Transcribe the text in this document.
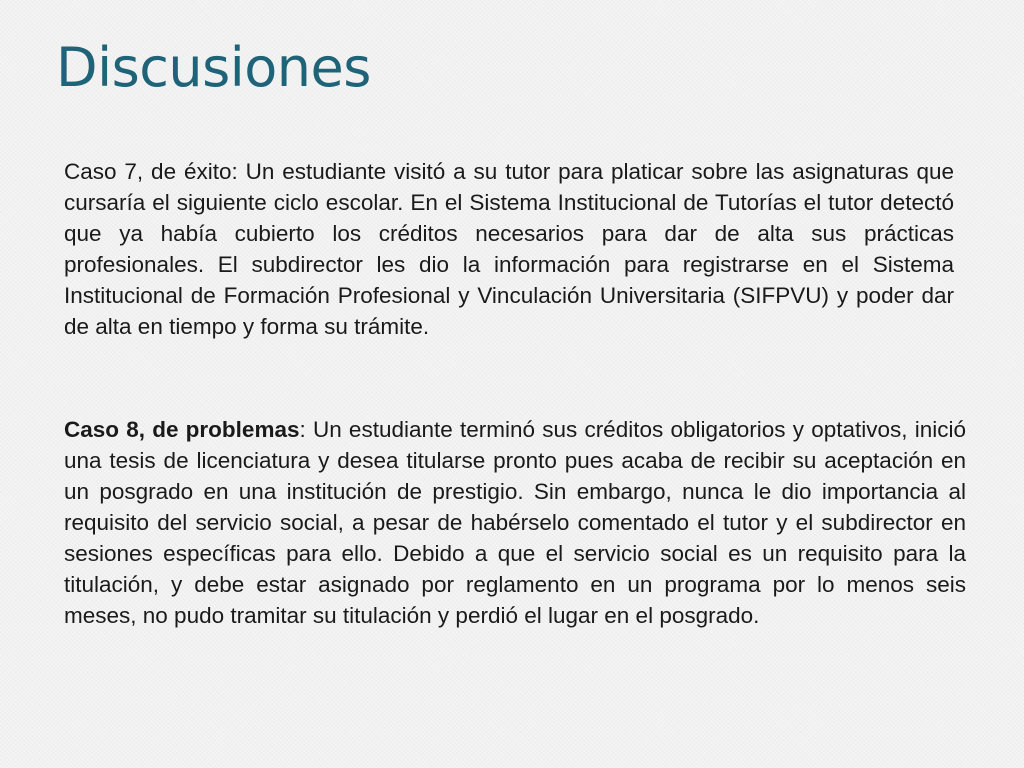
Discusiones

Caso 7, de éxito: Un estudiante visitó a su tutor para platicar sobre las asignaturas que cursaría el siguiente ciclo escolar. En el Sistema Institucional de Tutorías el tutor detectó que ya había cubierto los créditos necesarios para dar de alta sus prácticas profesionales. El subdirector les dio la información para registrarse en el Sistema Institucional de Formación Profesional y Vinculación Universitaria (SIFPVU) y poder dar de alta en tiempo y forma su trámite.

Caso 8, de problemas: Un estudiante terminó sus créditos obligatorios y optativos, inició una tesis de licenciatura y desea titularse pronto pues acaba de recibir su aceptación en un posgrado en una institución de prestigio. Sin embargo, nunca le dio importancia al requisito del servicio social, a pesar de habérselo comentado el tutor y el subdirector en sesiones específicas para ello. Debido a que el servicio social es un requisito para la titulación, y debe estar asignado por reglamento en un programa por lo menos seis meses, no pudo tramitar su titulación y perdió el lugar en el posgrado.
